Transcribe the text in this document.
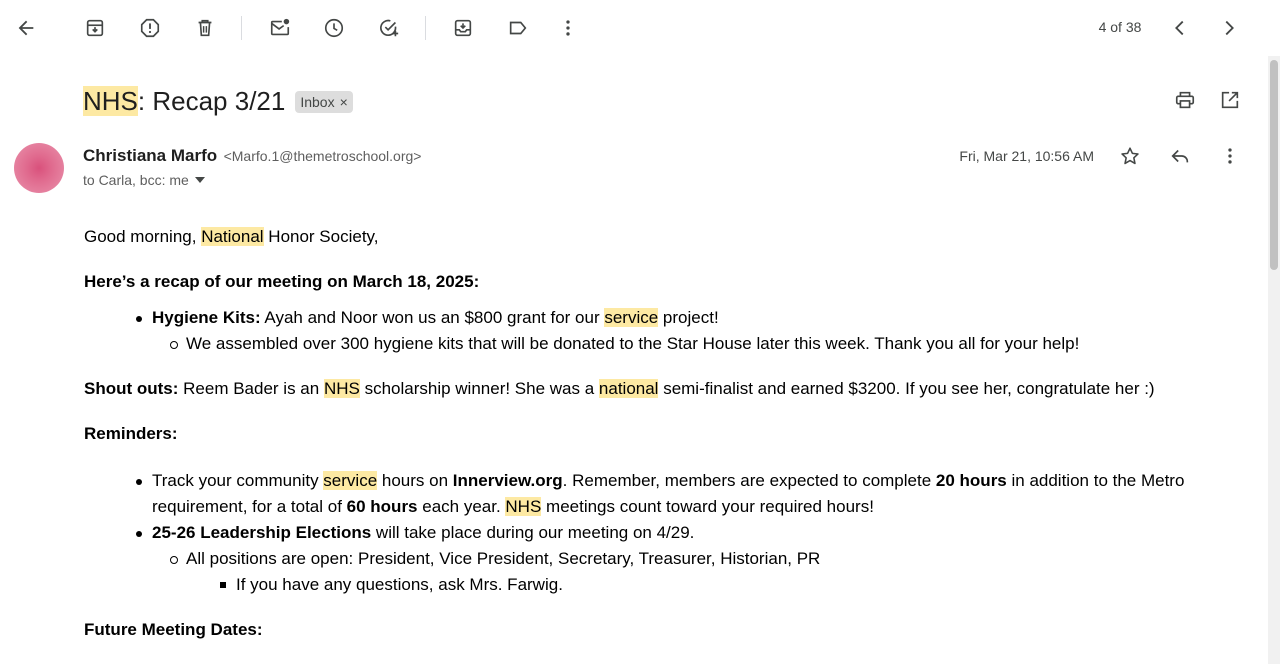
4 of 38
NHS: Recap 3/21 Inbox ×
Christiana Marfo <Marfo.1@themetroschool.org>
to Carla, bcc: me
Fri, Mar 21, 10:56 AM

Good morning, National Honor Society,

Here’s a recap of our meeting on March 18, 2025:

Hygiene Kits: Ayah and Noor won us an $800 grant for our service project!
We assembled over 300 hygiene kits that will be donated to the Star House later this week. Thank you all for your help!

Shout outs: Reem Bader is an NHS scholarship winner! She was a national semi-finalist and earned $3200. If you see her, congratulate her :)

Reminders:

Track your community service hours on Innerview.org. Remember, members are expected to complete 20 hours in addition to the Metro requirement, for a total of 60 hours each year. NHS meetings count toward your required hours!
25-26 Leadership Elections will take place during our meeting on 4/29.
All positions are open: President, Vice President, Secretary, Treasurer, Historian, PR
If you have any questions, ask Mrs. Farwig.

Future Meeting Dates:
